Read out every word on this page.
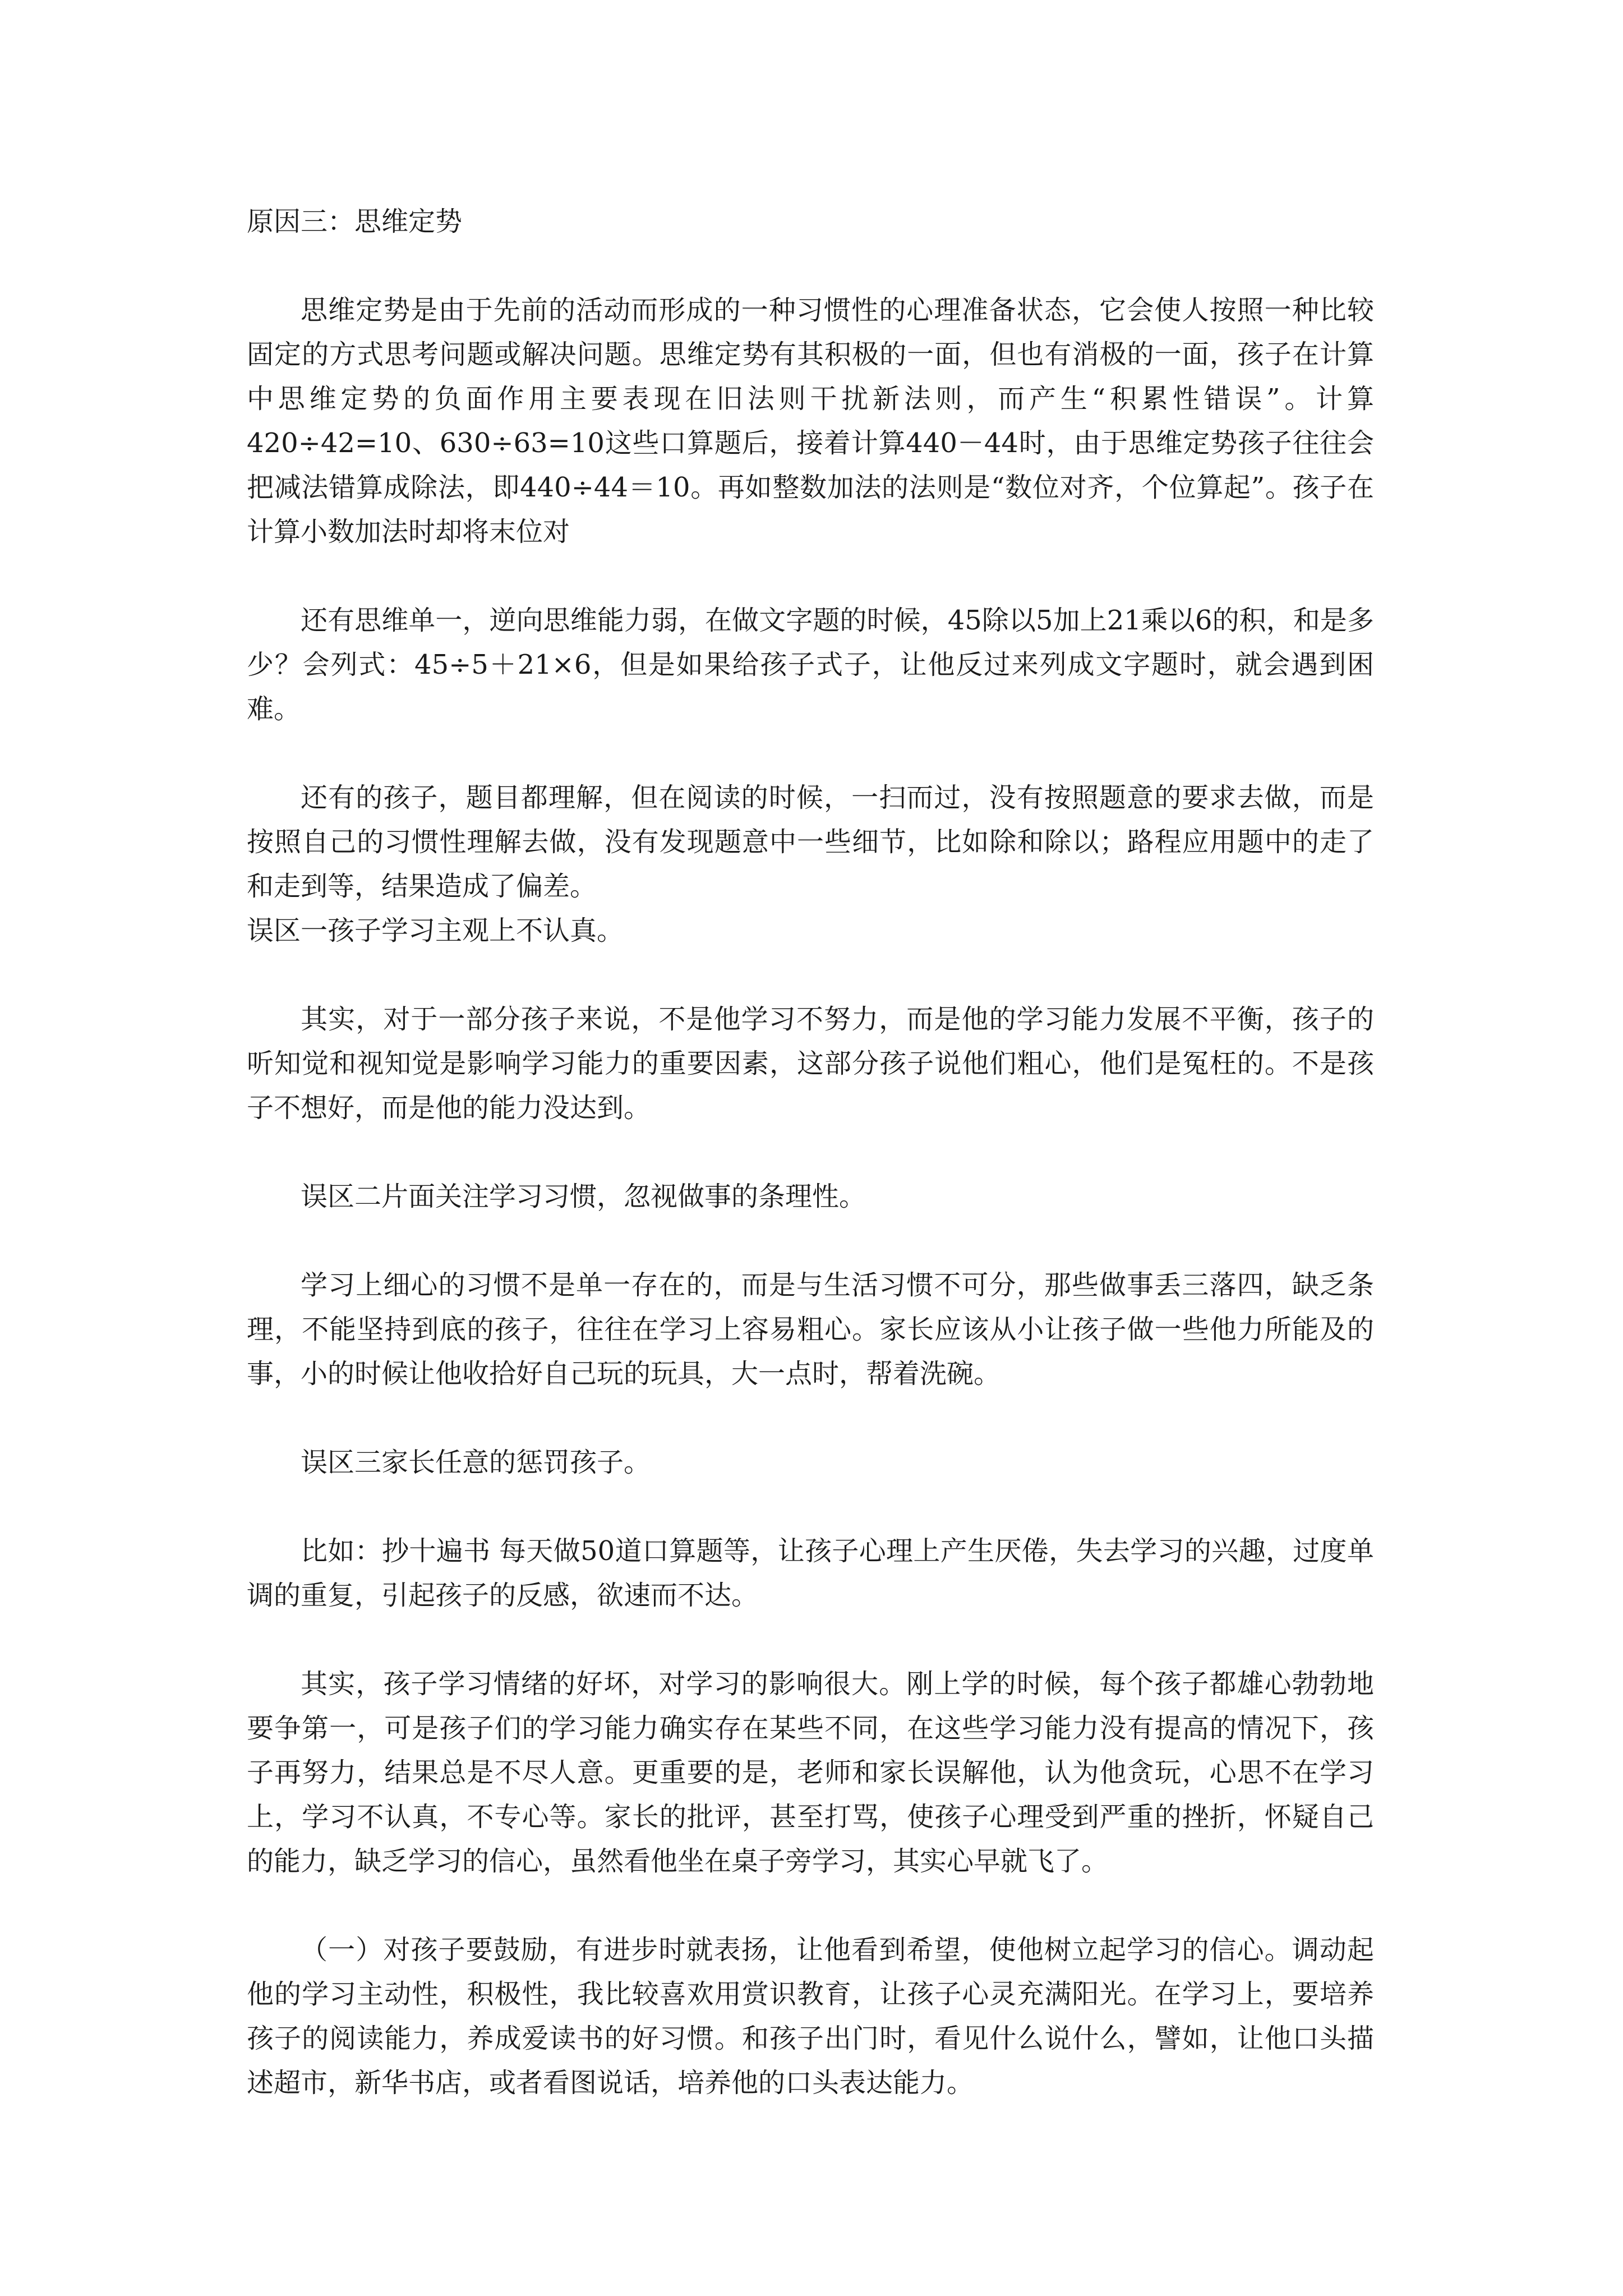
原因三：思维定势

思维定势是由于先前的活动而形成的一种习惯性的心理准备状态，它会使人按照一种比较固定的方式思考问题或解决问题。思维定势有其积极的一面，但也有消极的一面，孩子在计算中思维定势的负面作用主要表现在旧法则干扰新法则，而产生“积累性错误”。计算420÷42=10、630÷63=10这些口算题后，接着计算440－44时，由于思维定势孩子往往会把减法错算成除法，即440÷44＝10。再如整数加法的法则是“数位对齐，个位算起”。孩子在计算小数加法时却将末位对

还有思维单一，逆向思维能力弱，在做文字题的时候，45除以5加上21乘以6的积，和是多少？会列式：45÷5＋21×6，但是如果给孩子式子，让他反过来列成文字题时，就会遇到困难。

还有的孩子，题目都理解，但在阅读的时候，一扫而过，没有按照题意的要求去做，而是按照自己的习惯性理解去做，没有发现题意中一些细节，比如除和除以；路程应用题中的走了和走到等，结果造成了偏差。

误区一孩子学习主观上不认真。

其实，对于一部分孩子来说，不是他学习不努力，而是他的学习能力发展不平衡，孩子的听知觉和视知觉是影响学习能力的重要因素，这部分孩子说他们粗心，他们是冤枉的。不是孩子不想好，而是他的能力没达到。

误区二片面关注学习习惯，忽视做事的条理性。

学习上细心的习惯不是单一存在的，而是与生活习惯不可分，那些做事丢三落四，缺乏条理，不能坚持到底的孩子，往往在学习上容易粗心。家长应该从小让孩子做一些他力所能及的事，小的时候让他收拾好自己玩的玩具，大一点时，帮着洗碗。

误区三家长任意的惩罚孩子。

比如：抄十遍书 每天做50道口算题等，让孩子心理上产生厌倦，失去学习的兴趣，过度单调的重复，引起孩子的反感，欲速而不达。

其实，孩子学习情绪的好坏，对学习的影响很大。刚上学的时候，每个孩子都雄心勃勃地要争第一，可是孩子们的学习能力确实存在某些不同，在这些学习能力没有提高的情况下，孩子再努力，结果总是不尽人意。更重要的是，老师和家长误解他，认为他贪玩，心思不在学习上，学习不认真，不专心等。家长的批评，甚至打骂，使孩子心理受到严重的挫折，怀疑自己的能力，缺乏学习的信心，虽然看他坐在桌子旁学习，其实心早就飞了。

（一）对孩子要鼓励，有进步时就表扬，让他看到希望，使他树立起学习的信心。调动起他的学习主动性，积极性，我比较喜欢用赏识教育，让孩子心灵充满阳光。在学习上，要培养孩子的阅读能力，养成爱读书的好习惯。和孩子出门时，看见什么说什么，譬如，让他口头描述超市，新华书店，或者看图说话，培养他的口头表达能力。
